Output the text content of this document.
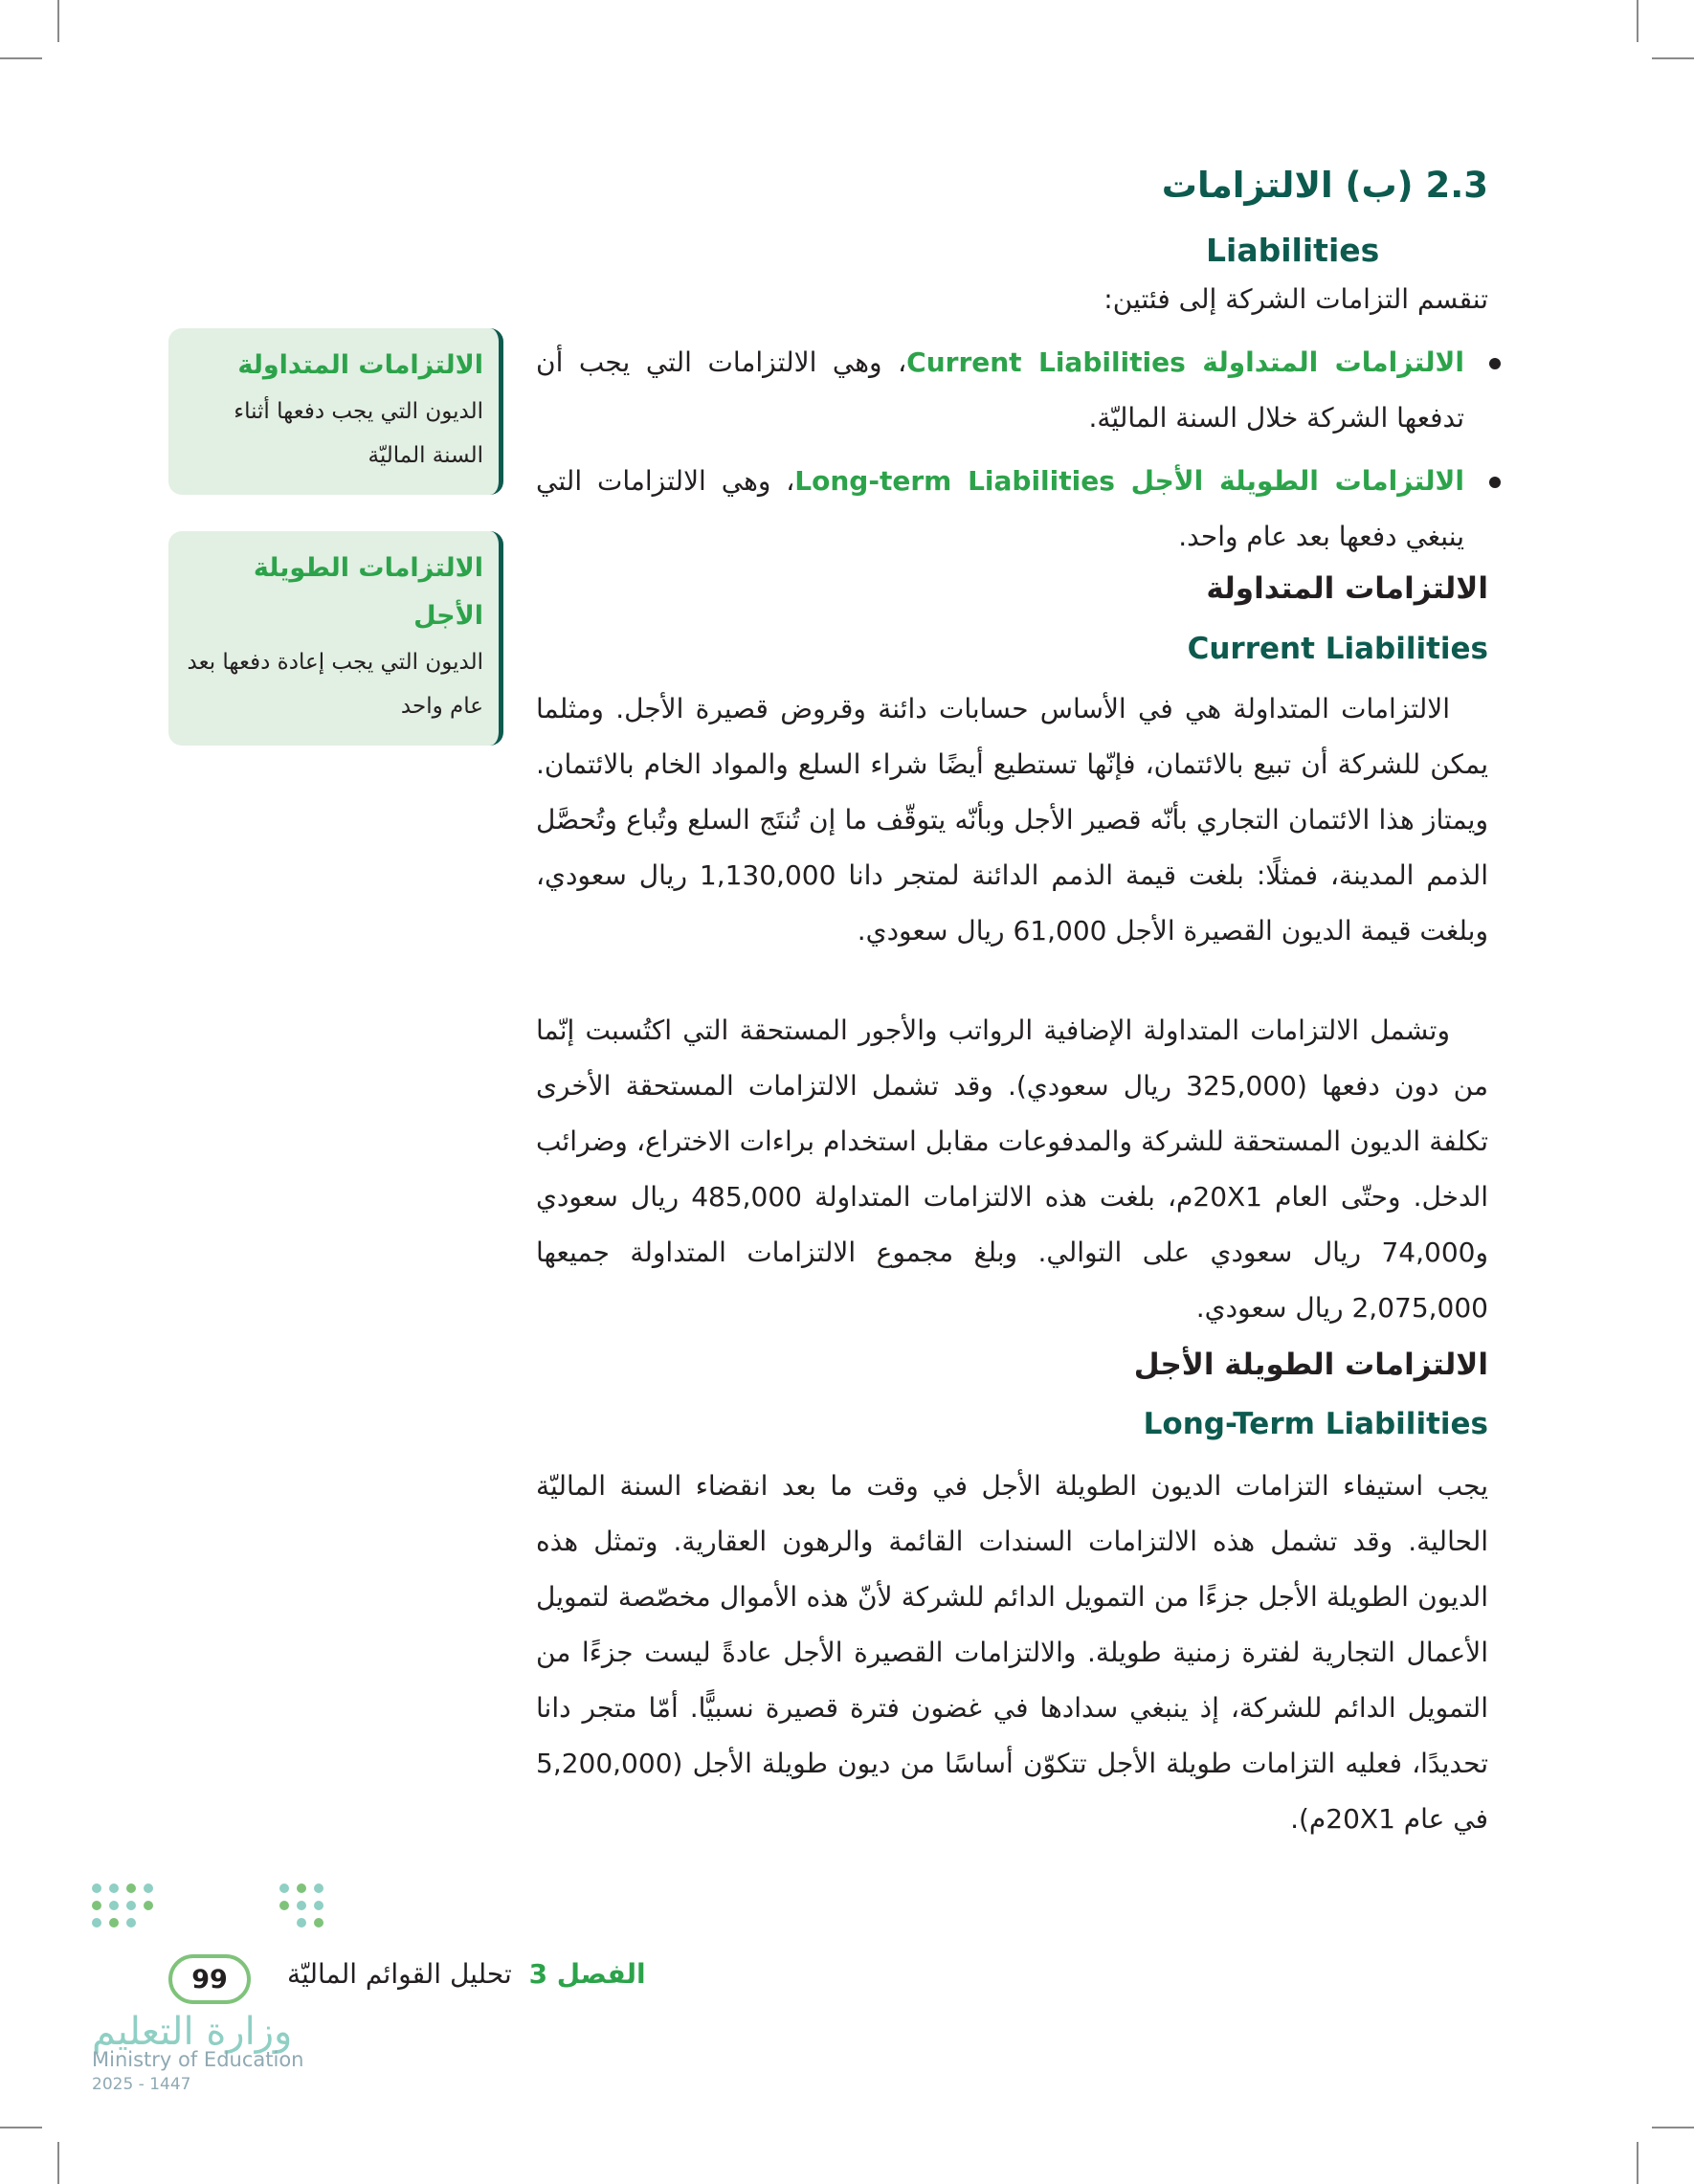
2.3 (ب) الالتزامات
Liabilities
تنقسم التزامات الشركة إلى فئتين:
الالتزامات المتداولة Current Liabilities، وهي الالتزامات التي يجب أن تدفعها الشركة خلال السنة الماليّة.
الالتزامات الطويلة الأجل Long-term Liabilities، وهي الالتزامات التي ينبغي دفعها بعد عام واحد.
الالتزامات المتداولة
Current Liabilities
الالتزامات المتداولة هي في الأساس حسابات دائنة وقروض قصيرة الأجل. ومثلما يمكن للشركة أن تبيع بالائتمان، فإنّها تستطيع أيضًا شراء السلع والمواد الخام بالائتمان. ويمتاز هذا الائتمان التجاري بأنّه قصير الأجل وبأنّه يتوقّف ما إن تُنتَج السلع وتُباع وتُحصَّل الذمم المدينة، فمثلًا: بلغت قيمة الذمم الدائنة لمتجر دانا 1,130,000 ريال سعودي، وبلغت قيمة الديون القصيرة الأجل 61,000 ريال سعودي.
وتشمل الالتزامات المتداولة الإضافية الرواتب والأجور المستحقة التي اكتُسبت إنّما من دون دفعها (325,000 ريال سعودي). وقد تشمل الالتزامات المستحقة الأخرى تكلفة الديون المستحقة للشركة والمدفوعات مقابل استخدام براءات الاختراع، وضرائب الدخل. وحتّى العام 20X1م، بلغت هذه الالتزامات المتداولة 485,000 ريال سعودي و74,000 ريال سعودي على التوالي. وبلغ مجموع الالتزامات المتداولة جميعها 2,075,000 ريال سعودي.
الالتزامات الطويلة الأجل
Long-Term Liabilities
يجب استيفاء التزامات الديون الطويلة الأجل في وقت ما بعد انقضاء السنة الماليّة الحالية. وقد تشمل هذه الالتزامات السندات القائمة والرهون العقارية. وتمثل هذه الديون الطويلة الأجل جزءًا من التمويل الدائم للشركة لأنّ هذه الأموال مخصّصة لتمويل الأعمال التجارية لفترة زمنية طويلة. والالتزامات القصيرة الأجل عادةً ليست جزءًا من التمويل الدائم للشركة، إذ ينبغي سدادها في غضون فترة قصيرة نسبيًّا. أمّا متجر دانا تحديدًا، فعليه التزامات طويلة الأجل تتكوّن أساسًا من ديون طويلة الأجل (5,200,000 في عام 20X1م).
الالتزامات المتداولة
الديون التي يجب دفعها أثناء السنة الماليّة
الالتزامات الطويلة الأجل
الديون التي يجب إعادة دفعها بعد عام واحد
99	الفصل 3  تحليل القوائم الماليّة
وزارة التعليم
Ministry of Education
2025 - 1447
